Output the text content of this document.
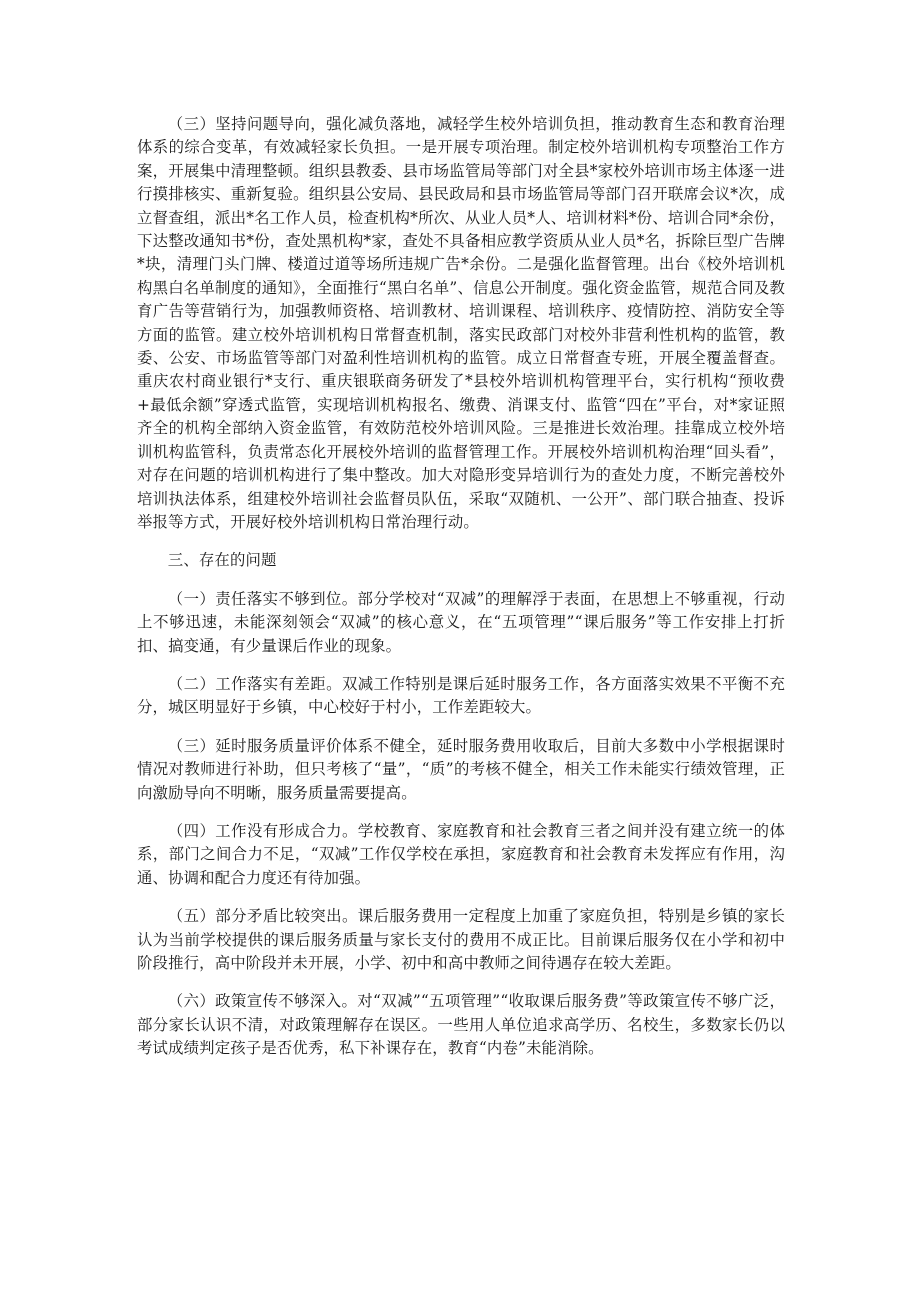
（三）坚持问题导向，强化减负落地，减轻学生校外培训负担，推动教育生态和教育治理体系的综合变革，有效减轻家长负担。一是开展专项治理。制定校外培训机构专项整治工作方案，开展集中清理整顿。组织县教委、县市场监管局等部门对全县*家校外培训市场主体逐一进行摸排核实、重新复验。组织县公安局、县民政局和县市场监管局等部门召开联席会议*次，成立督查组，派出*名工作人员，检查机构*所次、从业人员*人、培训材料*份、培训合同*余份，下达整改通知书*份，查处黑机构*家，查处不具备相应教学资质从业人员*名，拆除巨型广告牌*块，清理门头门牌、楼道过道等场所违规广告*余份。二是强化监督管理。出台《校外培训机构黑白名单制度的通知》，全面推行“黑白名单”、信息公开制度。强化资金监管，规范合同及教育广告等营销行为，加强教师资格、培训教材、培训课程、培训秩序、疫情防控、消防安全等方面的监管。建立校外培训机构日常督查机制，落实民政部门对校外非营利性机构的监管，教委、公安、市场监管等部门对盈利性培训机构的监管。成立日常督查专班，开展全覆盖督查。重庆农村商业银行*支行、重庆银联商务研发了*县校外培训机构管理平台，实行机构“预收费+最低余额”穿透式监管，实现培训机构报名、缴费、消课支付、监管“四在”平台，对*家证照齐全的机构全部纳入资金监管，有效防范校外培训风险。三是推进长效治理。挂靠成立校外培训机构监管科，负责常态化开展校外培训的监督管理工作。开展校外培训机构治理“回头看”，对存在问题的培训机构进行了集中整改。加大对隐形变异培训行为的查处力度，不断完善校外培训执法体系，组建校外培训社会监督员队伍，采取“双随机、一公开”、部门联合抽查、投诉举报等方式，开展好校外培训机构日常治理行动。

三、存在的问题

（一）责任落实不够到位。部分学校对“双减”的理解浮于表面，在思想上不够重视，行动上不够迅速，未能深刻领会“双减”的核心意义，在“五项管理”“课后服务”等工作安排上打折扣、搞变通，有少量课后作业的现象。

（二）工作落实有差距。双减工作特别是课后延时服务工作，各方面落实效果不平衡不充分，城区明显好于乡镇，中心校好于村小，工作差距较大。

（三）延时服务质量评价体系不健全，延时服务费用收取后，目前大多数中小学根据课时情况对教师进行补助，但只考核了“量”，“质”的考核不健全，相关工作未能实行绩效管理，正向激励导向不明晰，服务质量需要提高。

（四）工作没有形成合力。学校教育、家庭教育和社会教育三者之间并没有建立统一的体系，部门之间合力不足，“双减”工作仅学校在承担，家庭教育和社会教育未发挥应有作用，沟通、协调和配合力度还有待加强。

（五）部分矛盾比较突出。课后服务费用一定程度上加重了家庭负担，特别是乡镇的家长认为当前学校提供的课后服务质量与家长支付的费用不成正比。目前课后服务仅在小学和初中阶段推行，高中阶段并未开展，小学、初中和高中教师之间待遇存在较大差距。

（六）政策宣传不够深入。对“双减”“五项管理”“收取课后服务费”等政策宣传不够广泛，部分家长认识不清，对政策理解存在误区。一些用人单位追求高学历、名校生，多数家长仍以考试成绩判定孩子是否优秀，私下补课存在，教育“内卷”未能消除。
